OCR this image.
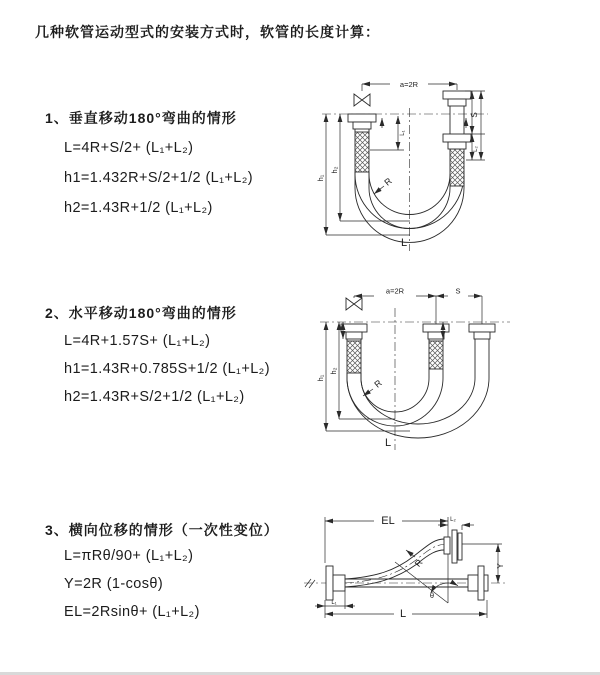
几种软管运动型式的安装方式时，软管的长度计算：
1、垂直移动180°弯曲的情形
L=4R+S/2+ (L₁+L₂)
h1=1.432R+S/2+1/2 (L₁+L₂)
h2=1.43R+1/2 (L₁+L₂)
a=2R
S
L₂
L₁
h₁
h₂
R
L
2、水平移动180°弯曲的情形
L=4R+1.57S+ (L₁+L₂)
h1=1.43R+0.785S+1/2 (L₁+L₂)
h2=1.43R+S/2+1/2 (L₁+L₂)
a=2R	S
h₁
h₂
R
L
3、横向位移的情形（一次性变位）
L=πRθ/90+ (L₁+L₂)
Y=2R (1-cosθ)
EL=2Rsinθ+ (L₁+L₂)
EL	L₂
Y
L₁
L
R
θ
